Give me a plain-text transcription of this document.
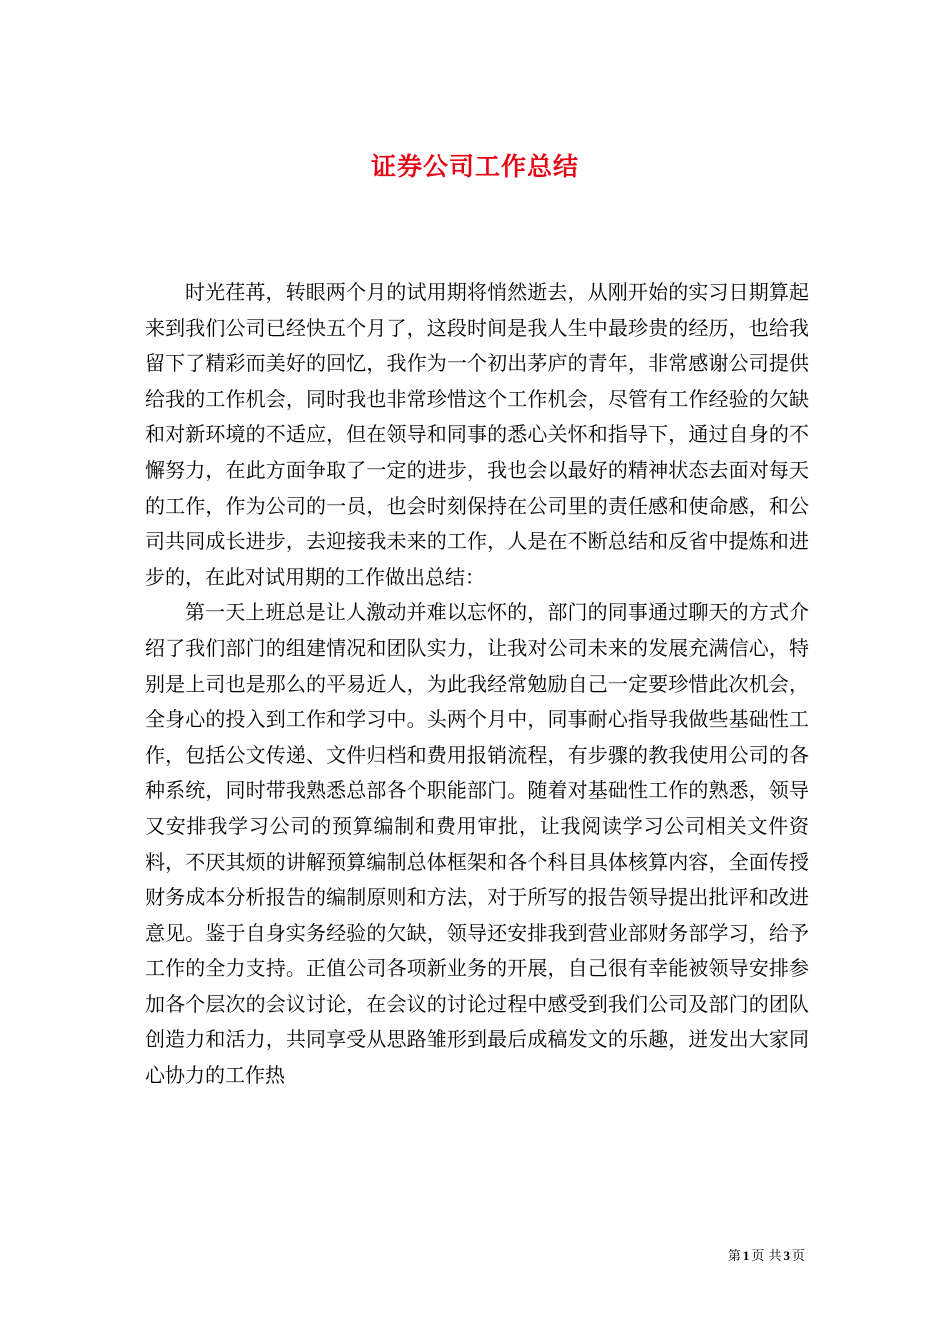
证券公司工作总结

时光荏苒，转眼两个月的试用期将悄然逝去，从刚开始的实习日期算起来到我们公司已经快五个月了，这段时间是我人生中最珍贵的经历，也给我留下了精彩而美好的回忆，我作为一个初出茅庐的青年，非常感谢公司提供给我的工作机会，同时我也非常珍惜这个工作机会，尽管有工作经验的欠缺和对新环境的不适应，但在领导和同事的悉心关怀和指导下，通过自身的不懈努力，在此方面争取了一定的进步，我也会以最好的精神状态去面对每天的工作，作为公司的一员，也会时刻保持在公司里的责任感和使命感，和公司共同成长进步，去迎接我未来的工作，人是在不断总结和反省中提炼和进步的，在此对试用期的工作做出总结：

第一天上班总是让人激动并难以忘怀的，部门的同事通过聊天的方式介绍了我们部门的组建情况和团队实力，让我对公司未来的发展充满信心，特别是上司也是那么的平易近人，为此我经常勉励自己一定要珍惜此次机会，全身心的投入到工作和学习中。头两个月中，同事耐心指导我做些基础性工作，包括公文传递、文件归档和费用报销流程，有步骤的教我使用公司的各种系统，同时带我熟悉总部各个职能部门。随着对基础性工作的熟悉，领导又安排我学习公司的预算编制和费用审批，让我阅读学习公司相关文件资料，不厌其烦的讲解预算编制总体框架和各个科目具体核算内容，全面传授财务成本分析报告的编制原则和方法，对于所写的报告领导提出批评和改进意见。鉴于自身实务经验的欠缺，领导还安排我到营业部财务部学习，给予工作的全力支持。正值公司各项新业务的开展，自己很有幸能被领导安排参加各个层次的会议讨论，在会议的讨论过程中感受到我们公司及部门的团队创造力和活力，共同享受从思路雏形到最后成稿发文的乐趣，迸发出大家同心协力的工作热

第 1 页 共 3 页
